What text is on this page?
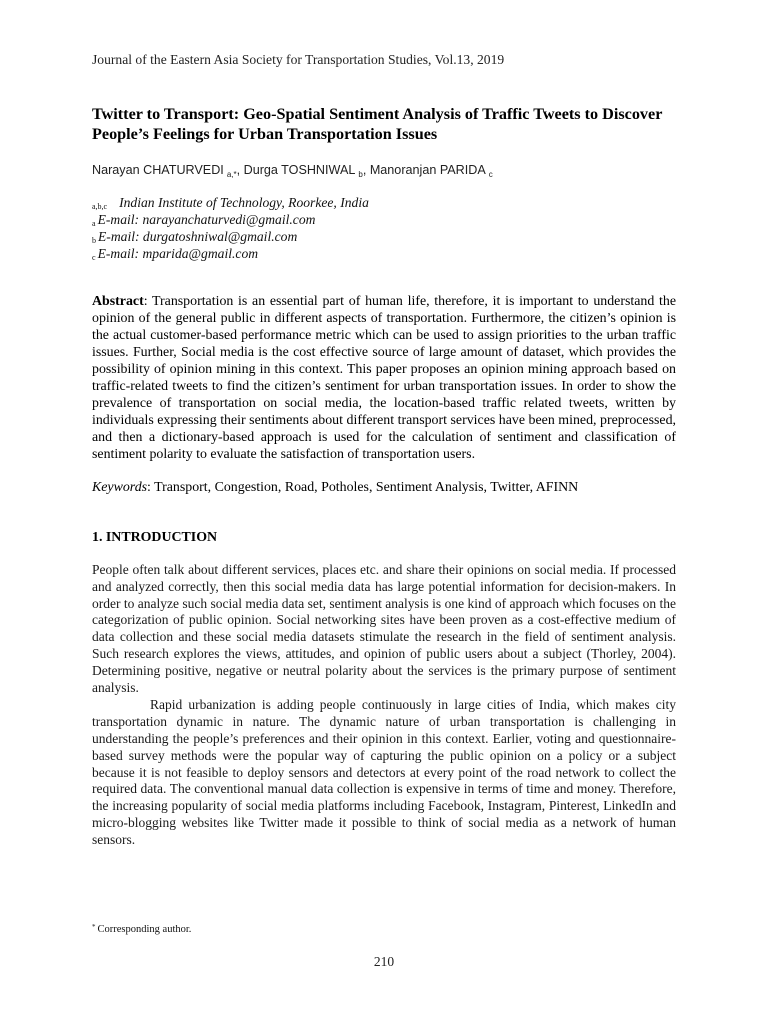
Journal of the Eastern Asia Society for Transportation Studies, Vol.13, 2019
Twitter to Transport: Geo-Spatial Sentiment Analysis of Traffic Tweets to Discover People’s Feelings for Urban Transportation Issues
Narayan CHATURVEDI $_{a,*}$, Durga TOSHNIWAL $_b$, Manoranjan PARIDA $_c$
a,b,c Indian Institute of Technology, Roorkee, India
a E-mail: narayanchaturvedi@gmail.com
b E-mail: durgatoshniwal@gmail.com
c E-mail: mparida@gmail.com

Abstract: Transportation is an essential part of human life, therefore, it is important to understand the opinion of the general public in different aspects of transportation. Furthermore, the citizen’s opinion is the actual customer-based performance metric which can be used to assign priorities to the urban traffic issues. Further, Social media is the cost effective source of large amount of dataset, which provides the possibility of opinion mining in this context. This paper proposes an opinion mining approach based on traffic-related tweets to find the citizen’s sentiment for urban transportation issues. In order to show the prevalence of transportation on social media, the location-based traffic related tweets, written by individuals expressing their sentiments about different transport services have been mined, preprocessed, and then a dictionary-based approach is used for the calculation of sentiment and classification of sentiment polarity to evaluate the satisfaction of transportation users.

Keywords: Transport, Congestion, Road, Potholes, Sentiment Analysis, Twitter, AFINN

1. INTRODUCTION

People often talk about different services, places etc. and share their opinions on social media. If processed and analyzed correctly, then this social media data has large potential information for decision-makers. In order to analyze such social media data set, sentiment analysis is one kind of approach which focuses on the categorization of public opinion. Social networking sites have been proven as a cost-effective medium of data collection and these social media datasets stimulate the research in the field of sentiment analysis. Such research explores the views, attitudes, and opinion of public users about a subject (Thorley, 2004). Determining positive, negative or neutral polarity about the services is the primary purpose of sentiment analysis.

Rapid urbanization is adding people continuously in large cities of India, which makes city transportation dynamic in nature. The dynamic nature of urban transportation is challenging in understanding the people’s preferences and their opinion in this context. Earlier, voting and questionnaire-based survey methods were the popular way of capturing the public opinion on a policy or a subject because it is not feasible to deploy sensors and detectors at every point of the road network to collect the required data. The conventional manual data collection is expensive in terms of time and money. Therefore, the increasing popularity of social media platforms including Facebook, Instagram, Pinterest, LinkedIn and micro-blogging websites like Twitter made it possible to think of social media as a network of human sensors.

* Corresponding author.
210
